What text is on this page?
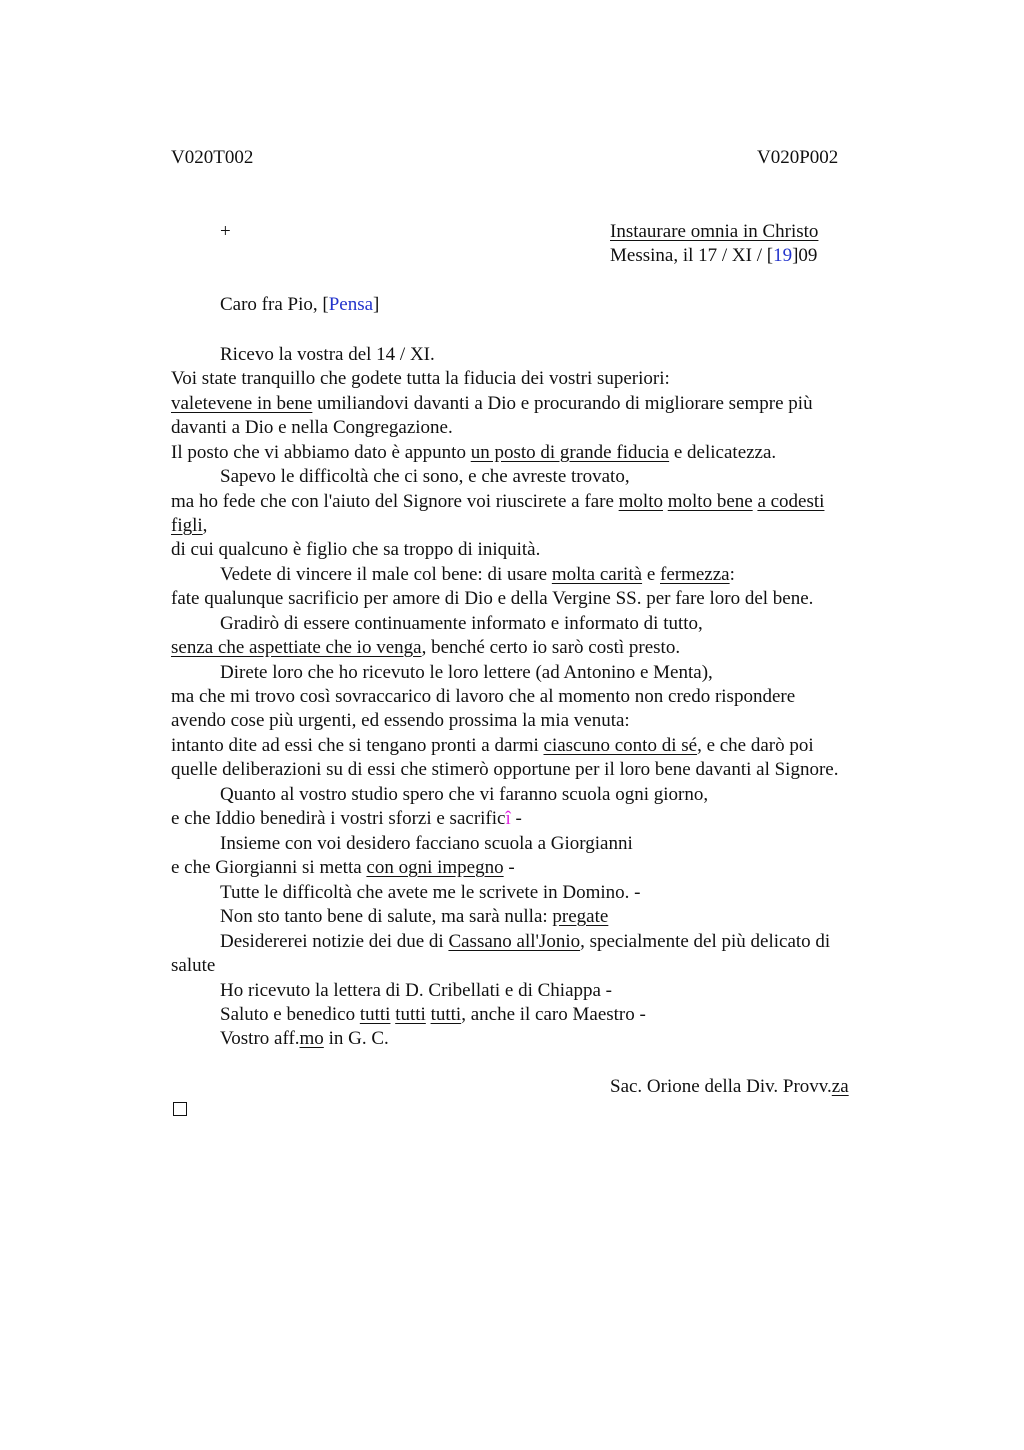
V020T002	V020P002
+	Instaurare omnia in Christo
Messina, il 17 / XI / [19]09
Caro fra Pio, [Pensa]
Ricevo la vostra del 14 / XI.
Voi state tranquillo che godete tutta la fiducia dei vostri superiori:
valetevene in bene umiliandovi davanti a Dio e procurando di migliorare sempre più
davanti a Dio e nella Congregazione.
Il posto che vi abbiamo dato è appunto un posto di grande fiducia e delicatezza.
Sapevo le difficoltà che ci sono, e che avreste trovato,
ma ho fede che con l'aiuto del Signore voi riuscirete a fare molto molto bene a codesti
figli,
di cui qualcuno è figlio che sa troppo di iniquità.
Vedete di vincere il male col bene: di usare molta carità e fermezza:
fate qualunque sacrificio per amore di Dio e della Vergine SS. per fare loro del bene.
Gradirò di essere continuamente informato e informato di tutto,
senza che aspettiate che io venga, benché certo io sarò costì presto.
Direte loro che ho ricevuto le loro lettere (ad Antonino e Menta),
ma che mi trovo così sovraccarico di lavoro che al momento non credo rispondere
avendo cose più urgenti, ed essendo prossima la mia venuta:
intanto dite ad essi che si tengano pronti a darmi ciascuno conto di sé, e che darò poi
quelle deliberazioni su di essi che stimerò opportune per il loro bene davanti al Signore.
Quanto al vostro studio spero che vi faranno scuola ogni giorno,
e che Iddio benedirà i vostri sforzi e sacrificî -
Insieme con voi desidero facciano scuola a Giorgianni
e che Giorgianni si metta con ogni impegno -
Tutte le difficoltà che avete me le scrivete in Domino. -
Non sto tanto bene di salute, ma sarà nulla: pregate
Desidererei notizie dei due di Cassano all'Jonio, specialmente del più delicato di
salute
Ho ricevuto la lettera di D. Cribellati e di Chiappa -
Saluto e benedico tutti tutti tutti, anche il caro Maestro -
Vostro aff.mo in G. C.
Sac. Orione della Div. Provv.za
